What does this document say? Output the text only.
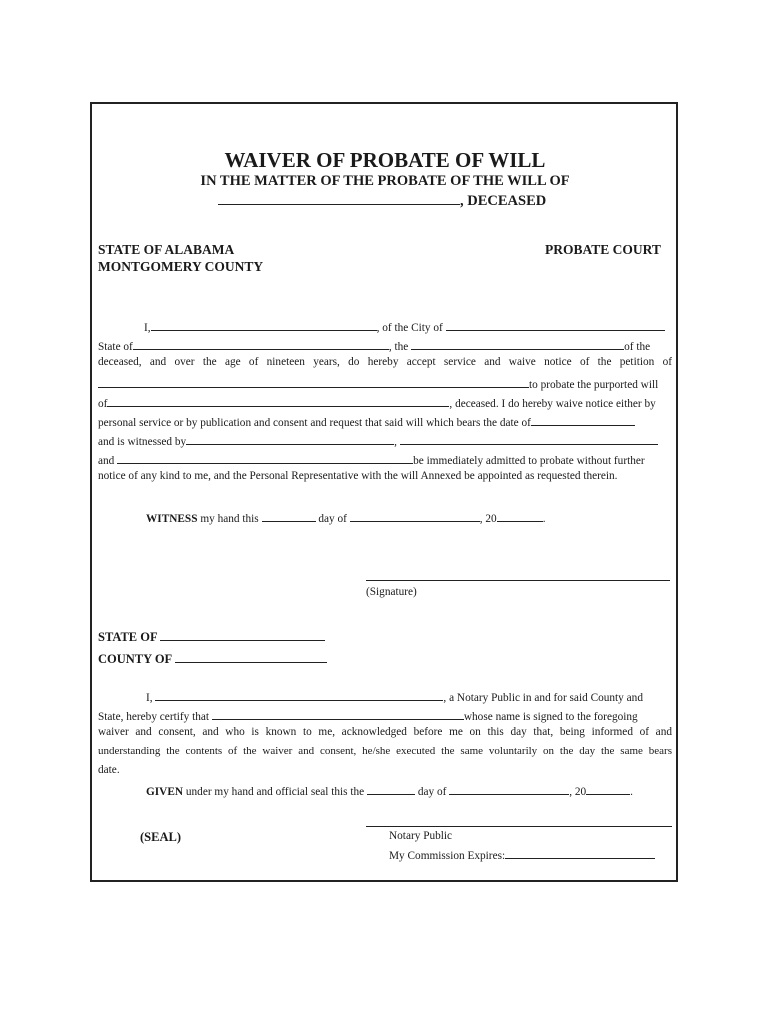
WAIVER OF PROBATE OF WILL
IN THE MATTER OF THE PROBATE OF THE WILL OF
, DECEASED
STATE OF ALABAMA
MONTGOMERY COUNTY
PROBATE COURT
I,	, of the City of
State of	, the	of the
deceased, and over the age of nineteen years, do hereby accept service and waive notice of the petition of
to probate the purported will
of	, deceased. I do hereby waive notice either by
personal service or by publication and consent and request that said will which bears the date of
and is witnessed by	,
and	be immediately admitted to probate without further
notice of any kind to me, and the Personal Representative with the will Annexed be appointed as requested therein.
WITNESS my hand this	day of	, 20	.
(Signature)
STATE OF
COUNTY OF
I,	, a Notary Public in and for said County and
State, hereby certify that	whose name is signed to the foregoing
waiver and consent, and who is known to me, acknowledged before me on this day that, being informed of and
understanding the contents of the waiver and consent, he/she executed the same voluntarily on the day the same bears
date.
GIVEN under my hand and official seal this the	day of	, 20	.
(SEAL)	Notary Public
My Commission Expires:
